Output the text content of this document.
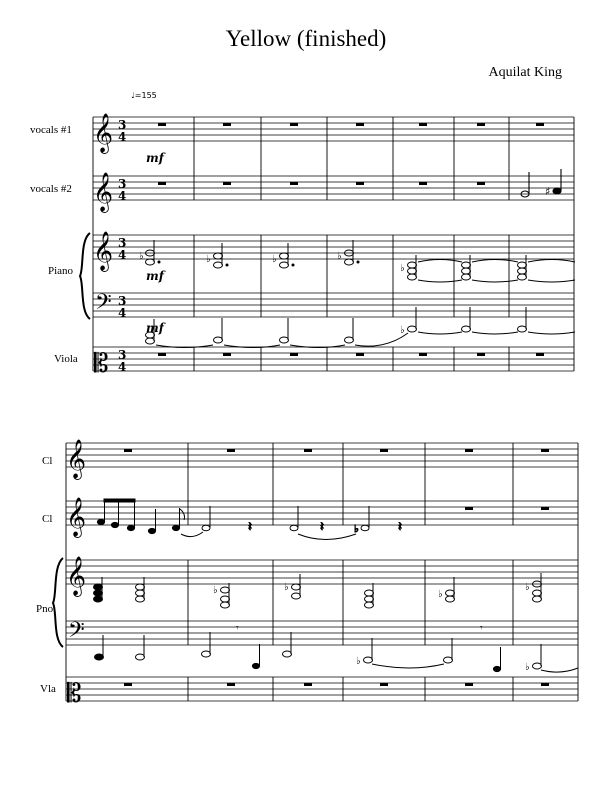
Yellow (finished)
Aquilat King
♩=155
vocals #1
vocals #2
Piano
Viola
Cl
Cl
Pno
Vla
𝄞
𝄞
𝄞
𝄢
𝄡
𝄞
𝄞
𝄞
𝄢
𝄡
3
4
3
4
3
4
3
4
3
4
mf
mf
mf
♯
♭	♭	♭	♭
♭
♭
𝄽	𝄽	♭	𝄽
♭	♭
♭
♭
𝄾
♭
𝄾
♭
